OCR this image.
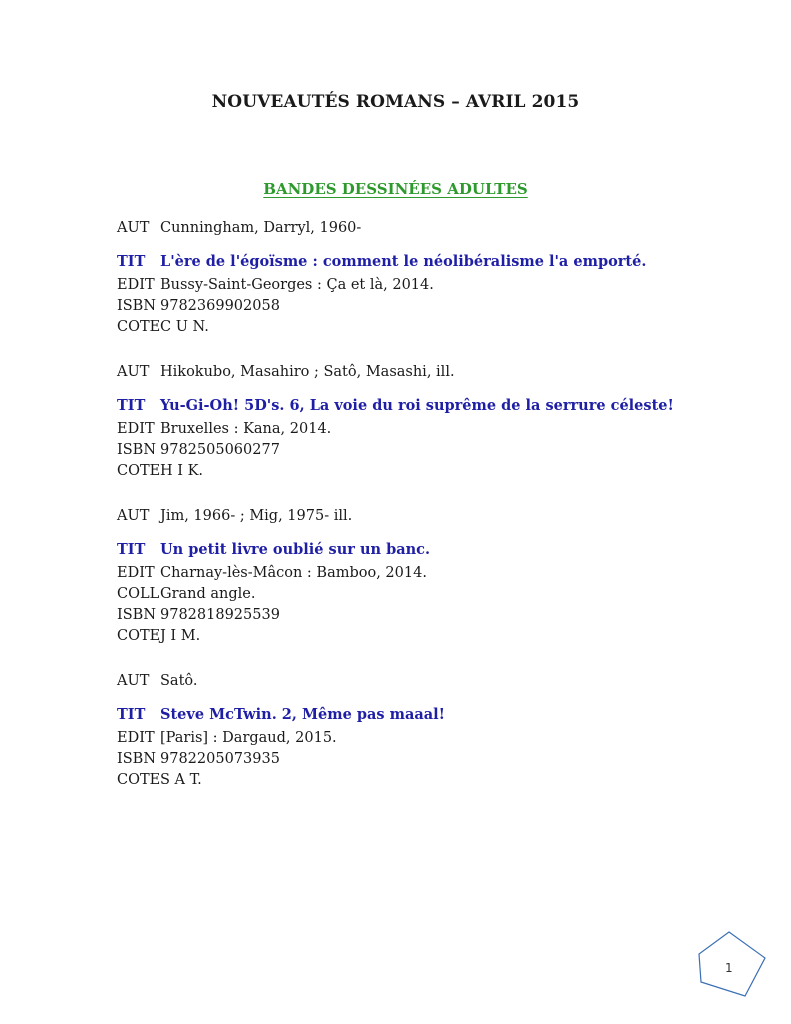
NOUVEAUTÉS ROMANS – AVRIL 2015
BANDES DESSINÉES ADULTES
AUT Cunningham, Darryl, 1960-
TIT	L'ère de l'égoïsme : comment le néolibéralisme l'a emporté.
EDIT Bussy-Saint-Georges : Ça et là, 2014.
ISBN 9782369902058
COTE C U N.
AUT Hikokubo, Masahiro ; Satô, Masashi, ill.
TIT	Yu-Gi-Oh! 5D's. 6, La voie du roi suprême de la serrure céleste!
EDIT Bruxelles : Kana, 2014.
ISBN 9782505060277
COTE H I K.
AUT Jim, 1966- ; Mig, 1975- ill.
TIT	Un petit livre oublié sur un banc.
EDIT Charnay-lès-Mâcon : Bamboo, 2014.
COLL Grand angle.
ISBN 9782818925539
COTE J I M.
AUT Satô.
TIT	Steve McTwin. 2, Même pas maaal!
EDIT [Paris] : Dargaud, 2015.
ISBN 9782205073935
COTE S A T.
1
